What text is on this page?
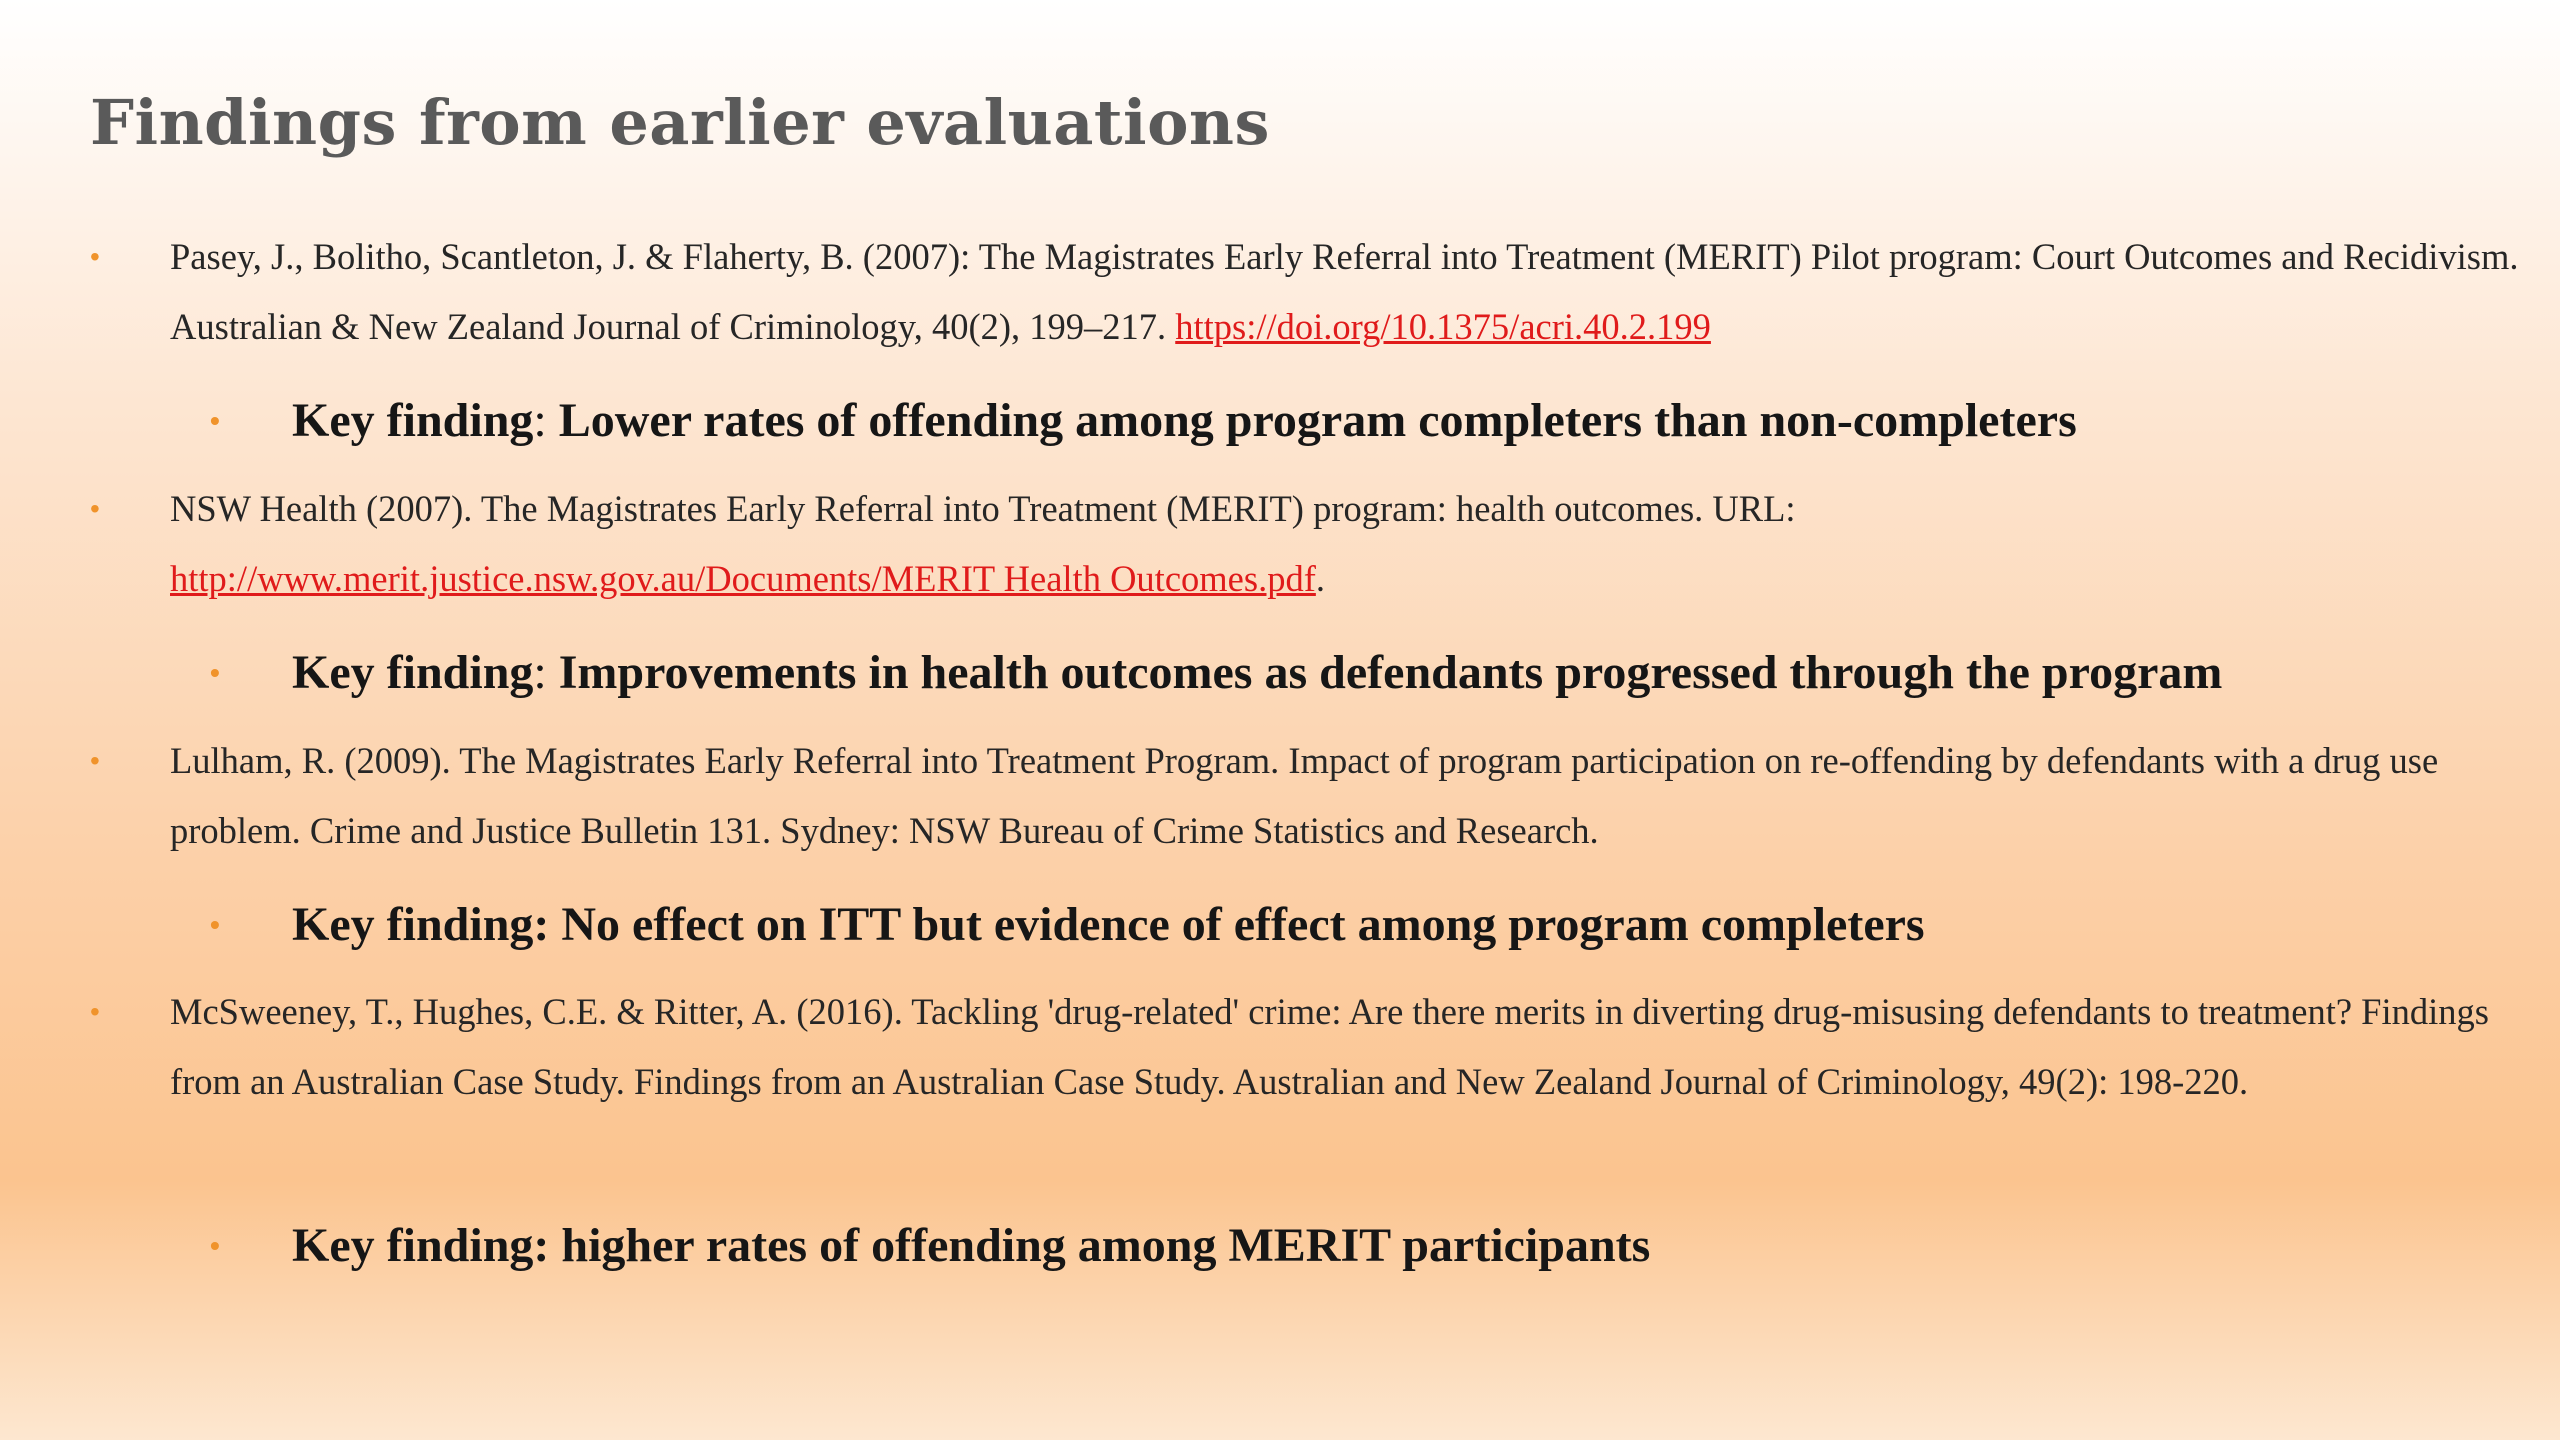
Findings from earlier evaluations
• Pasey, J., Bolitho, Scantleton, J. & Flaherty, B. (2007): The Magistrates Early Referral into Treatment (MERIT) Pilot program: Court Outcomes and Recidivism. Australian & New Zealand Journal of Criminology, 40(2), 199–217. https://doi.org/10.1375/acri.40.2.199
• Key finding: Lower rates of offending among program completers than non-completers
• NSW Health (2007). The Magistrates Early Referral into Treatment (MERIT) program: health outcomes. URL: http://www.merit.justice.nsw.gov.au/Documents/MERIT Health Outcomes.pdf.
• Key finding: Improvements in health outcomes as defendants progressed through the program
• Lulham, R. (2009). The Magistrates Early Referral into Treatment Program. Impact of program participation on re-offending by defendants with a drug use problem. Crime and Justice Bulletin 131. Sydney: NSW Bureau of Crime Statistics and Research.
• Key finding: No effect on ITT but evidence of effect among program completers
• McSweeney, T., Hughes, C.E. & Ritter, A. (2016). Tackling 'drug-related' crime: Are there merits in diverting drug-misusing defendants to treatment? Findings from an Australian Case Study. Findings from an Australian Case Study. Australian and New Zealand Journal of Criminology, 49(2): 198-220.
• Key finding: higher rates of offending among MERIT participants
